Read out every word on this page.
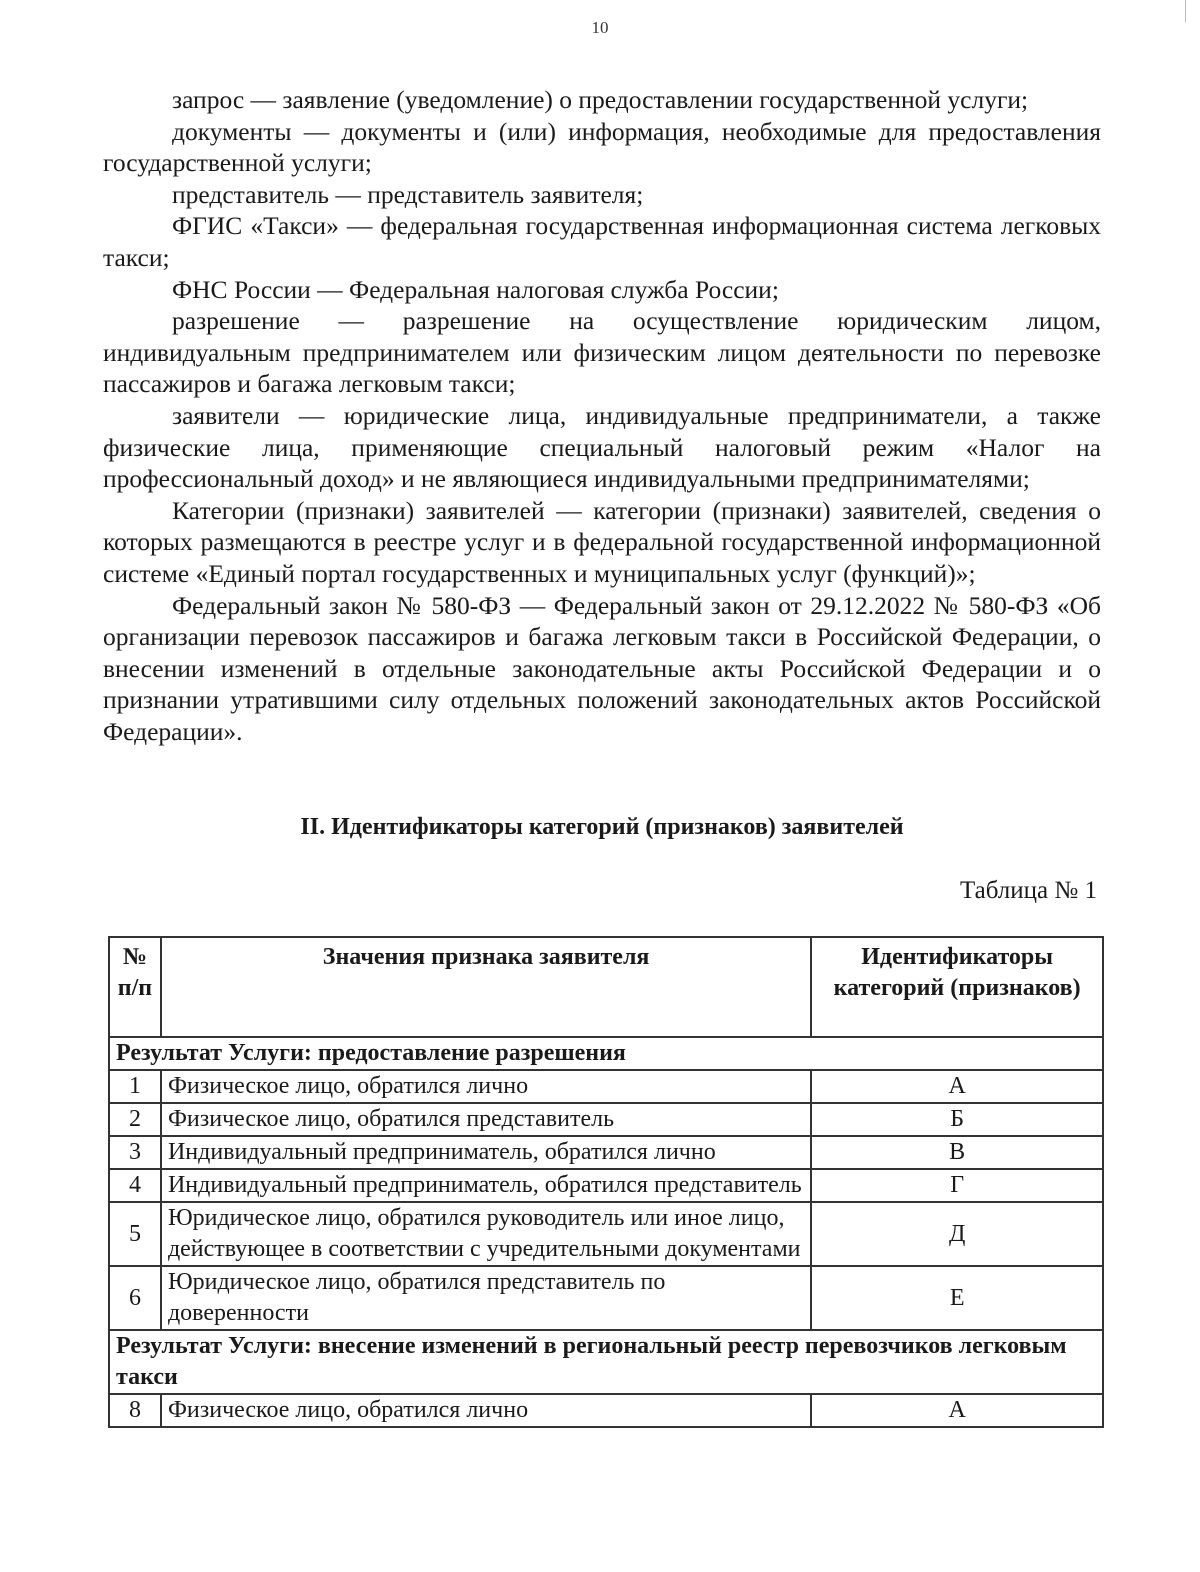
10

запрос — заявление (уведомление) о предоставлении государственной услуги;

документы — документы и (или) информация, необходимые для предоставления государственной услуги;

представитель — представитель заявителя;

ФГИС «Такси» — федеральная государственная информационная система легковых такси;

ФНС России — Федеральная налоговая служба России;

разрешение — разрешение на осуществление юридическим лицом, индивидуальным предпринимателем или физическим лицом деятельности по перевозке пассажиров и багажа легковым такси;

заявители — юридические лица, индивидуальные предприниматели, а также физические лица, применяющие специальный налоговый режим «Налог на профессиональный доход» и не являющиеся индивидуальными предпринимателями;

Категории (признаки) заявителей — категории (признаки) заявителей, сведения о которых размещаются в реестре услуг и в федеральной государственной информационной системе «Единый портал государственных и муниципальных услуг (функций)»;

Федеральный закон № 580-ФЗ — Федеральный закон от 29.12.2022 № 580-ФЗ «Об организации перевозок пассажиров и багажа легковым такси в Российской Федерации, о внесении изменений в отдельные законодательные акты Российской Федерации и о признании утратившими силу отдельных положений законодательных актов Российской Федерации».

II. Идентификаторы категорий (признаков) заявителей
Таблица № 1
№ п/п	Значения признака заявителя	Идентификаторы категорий (признаков)
Результат Услуги: предоставление разрешения		
1	Физическое лицо, обратился лично	А
2	Физическое лицо, обратился представитель	Б
3	Индивидуальный предприниматель, обратился лично	В
4	Индивидуальный предприниматель, обратился представитель	Г
5	Юридическое лицо, обратился руководитель или иное лицо, действующее в соответствии с учредительными документами	Д
6	Юридическое лицо, обратился представитель по доверенности	Е
Результат Услуги: внесение изменений в региональный реестр перевозчиков легковым такси		
8	Физическое лицо, обратился лично	А
